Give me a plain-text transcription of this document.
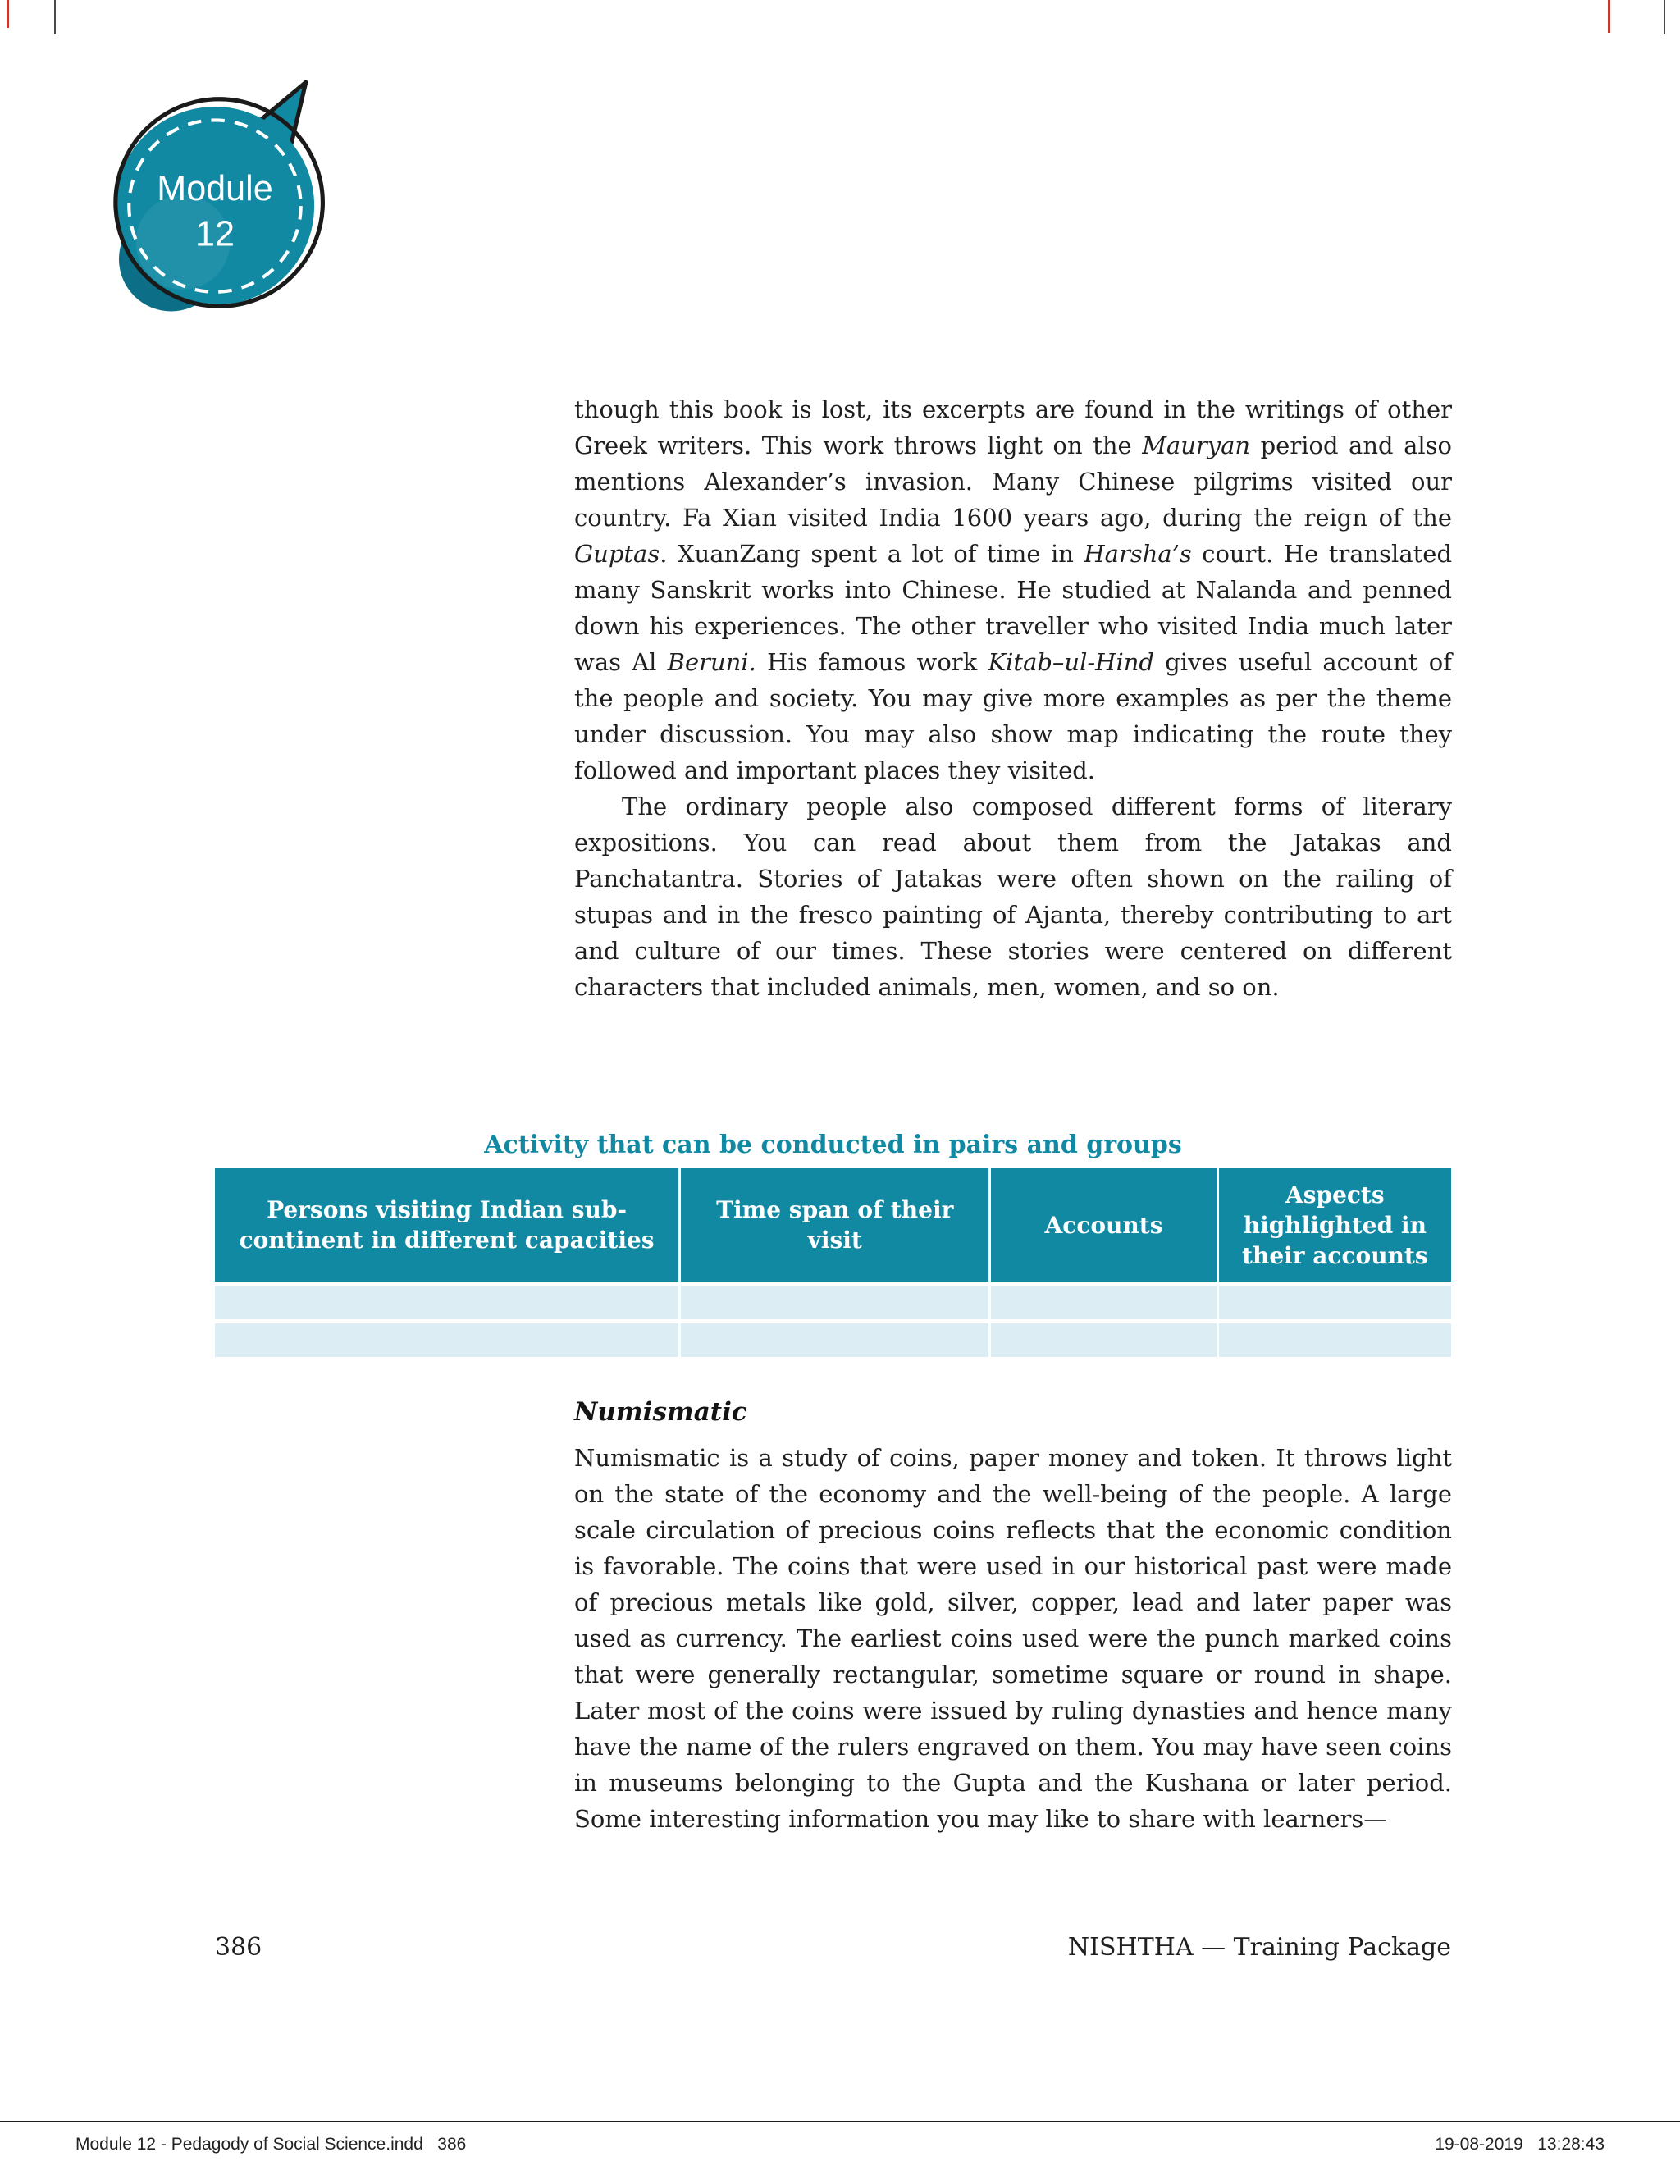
Module
12

though this book is lost, its excerpts are found in the writings of other Greek writers. This work throws light on the Mauryan period and also mentions Alexander’s invasion. Many Chinese pilgrims visited our country. Fa Xian visited India 1600 years ago, during the reign of the Guptas. XuanZang spent a lot of time in Harsha’s court. He translated many Sanskrit works into Chinese. He studied at Nalanda and penned down his experiences. The other traveller who visited India much later was Al Beruni. His famous work Kitab–ul-Hind gives useful account of the people and society. You may give more examples as per the theme under discussion. You may also show map indicating the route they followed and important places they visited.

The ordinary people also composed different forms of literary expositions. You can read about them from the Jatakas and Panchatantra. Stories of Jatakas were often shown on the railing of stupas and in the fresco painting of Ajanta, thereby contributing to art and culture of our times. These stories were centered on different characters that included animals, men, women, and so on.

Activity that can be conducted in pairs and groups
Persons visiting Indian sub-continent in different capacities	Time span of their visit	Accounts	Aspects highlighted in their accounts

Numismatic

Numismatic is a study of coins, paper money and token. It throws light on the state of the economy and the well-being of the people. A large scale circulation of precious coins reflects that the economic condition is favorable. The coins that were used in our historical past were made of precious metals like gold, silver, copper, lead and later paper was used as currency. The earliest coins used were the punch marked coins that were generally rectangular, sometime square or round in shape. Later most of the coins were issued by ruling dynasties and hence many have the name of the rulers engraved on them. You may have seen coins in museums belonging to the Gupta and the Kushana or later period. Some interesting information you may like to share with learners—

386	NISHTHA — Training Package
Module 12 - Pedagody of Social Science.indd   386	19-08-2019   13:28:43
